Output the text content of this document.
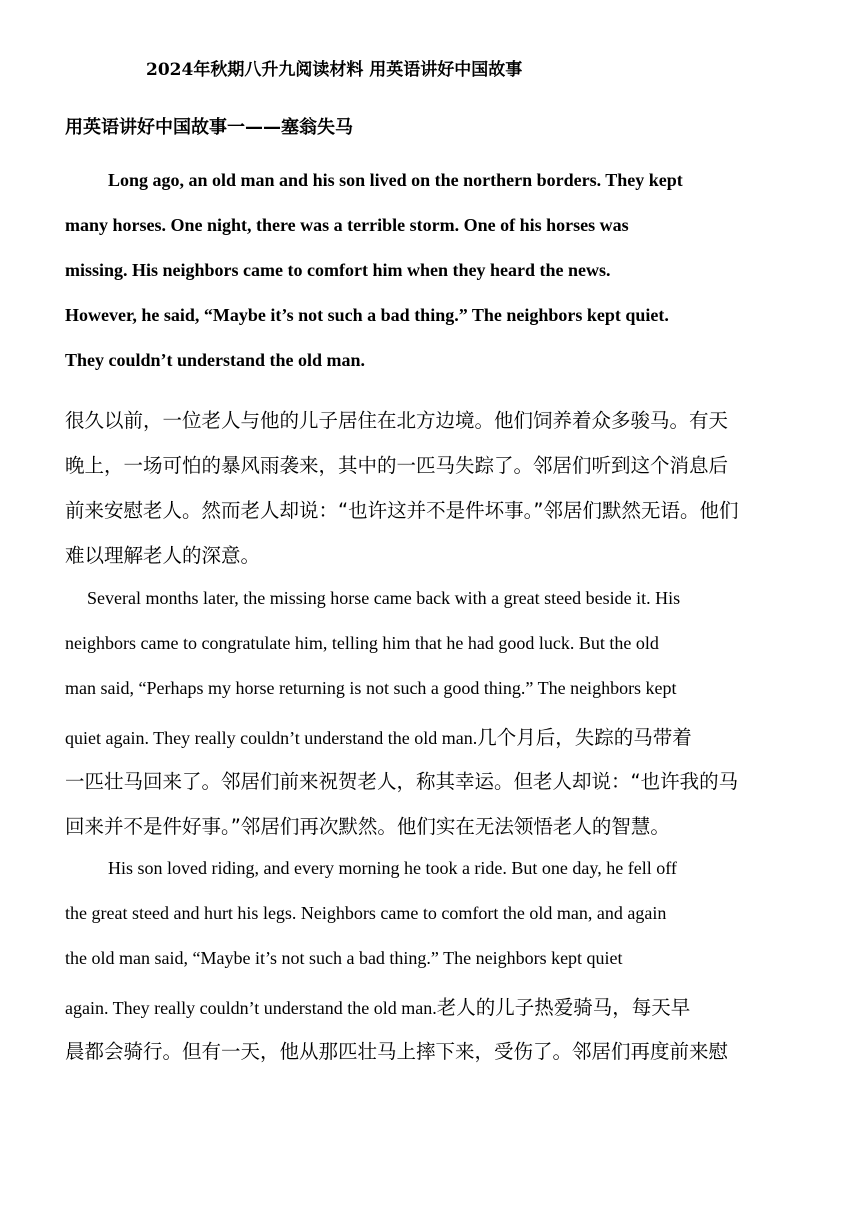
2024年秋期八升九阅读材料 用英语讲好中国故事
用英语讲好中国故事一——塞翁失马
Long ago, an old man and his son lived on the northern borders. They kept
many horses. One night, there was a terrible storm. One of his horses was
missing. His neighbors came to comfort him when they heard the news.
However, he said, “Maybe it’s not such a bad thing.” The neighbors kept quiet.
They couldn’t understand the old man.
很久以前，一位老人与他的儿子居住在北方边境。他们饲养着众多骏马。有天
晚上，一场可怕的暴风雨袭来，其中的一匹马失踪了。邻居们听到这个消息后
前来安慰老人。然而老人却说：“也许这并不是件坏事。”邻居们默然无语。他们
难以理解老人的深意。
Several months later, the missing horse came back with a great steed beside it. His
neighbors came to congratulate him, telling him that he had good luck. But the old
man said, “Perhaps my horse returning is not such a good thing.” The neighbors kept
quiet again. They really couldn’t understand the old man.几个月后，失踪的马带着
一匹壮马回来了。邻居们前来祝贺老人，称其幸运。但老人却说：“也许我的马
回来并不是件好事。”邻居们再次默然。他们实在无法领悟老人的智慧。
His son loved riding, and every morning he took a ride. But one day, he fell off
the great steed and hurt his legs. Neighbors came to comfort the old man, and again
the old man said, “Maybe it’s not such a bad thing.” The neighbors kept quiet
again. They really couldn’t understand the old man.老人的儿子热爱骑马，每天早
晨都会骑行。但有一天，他从那匹壮马上摔下来，受伤了。邻居们再度前来慰
